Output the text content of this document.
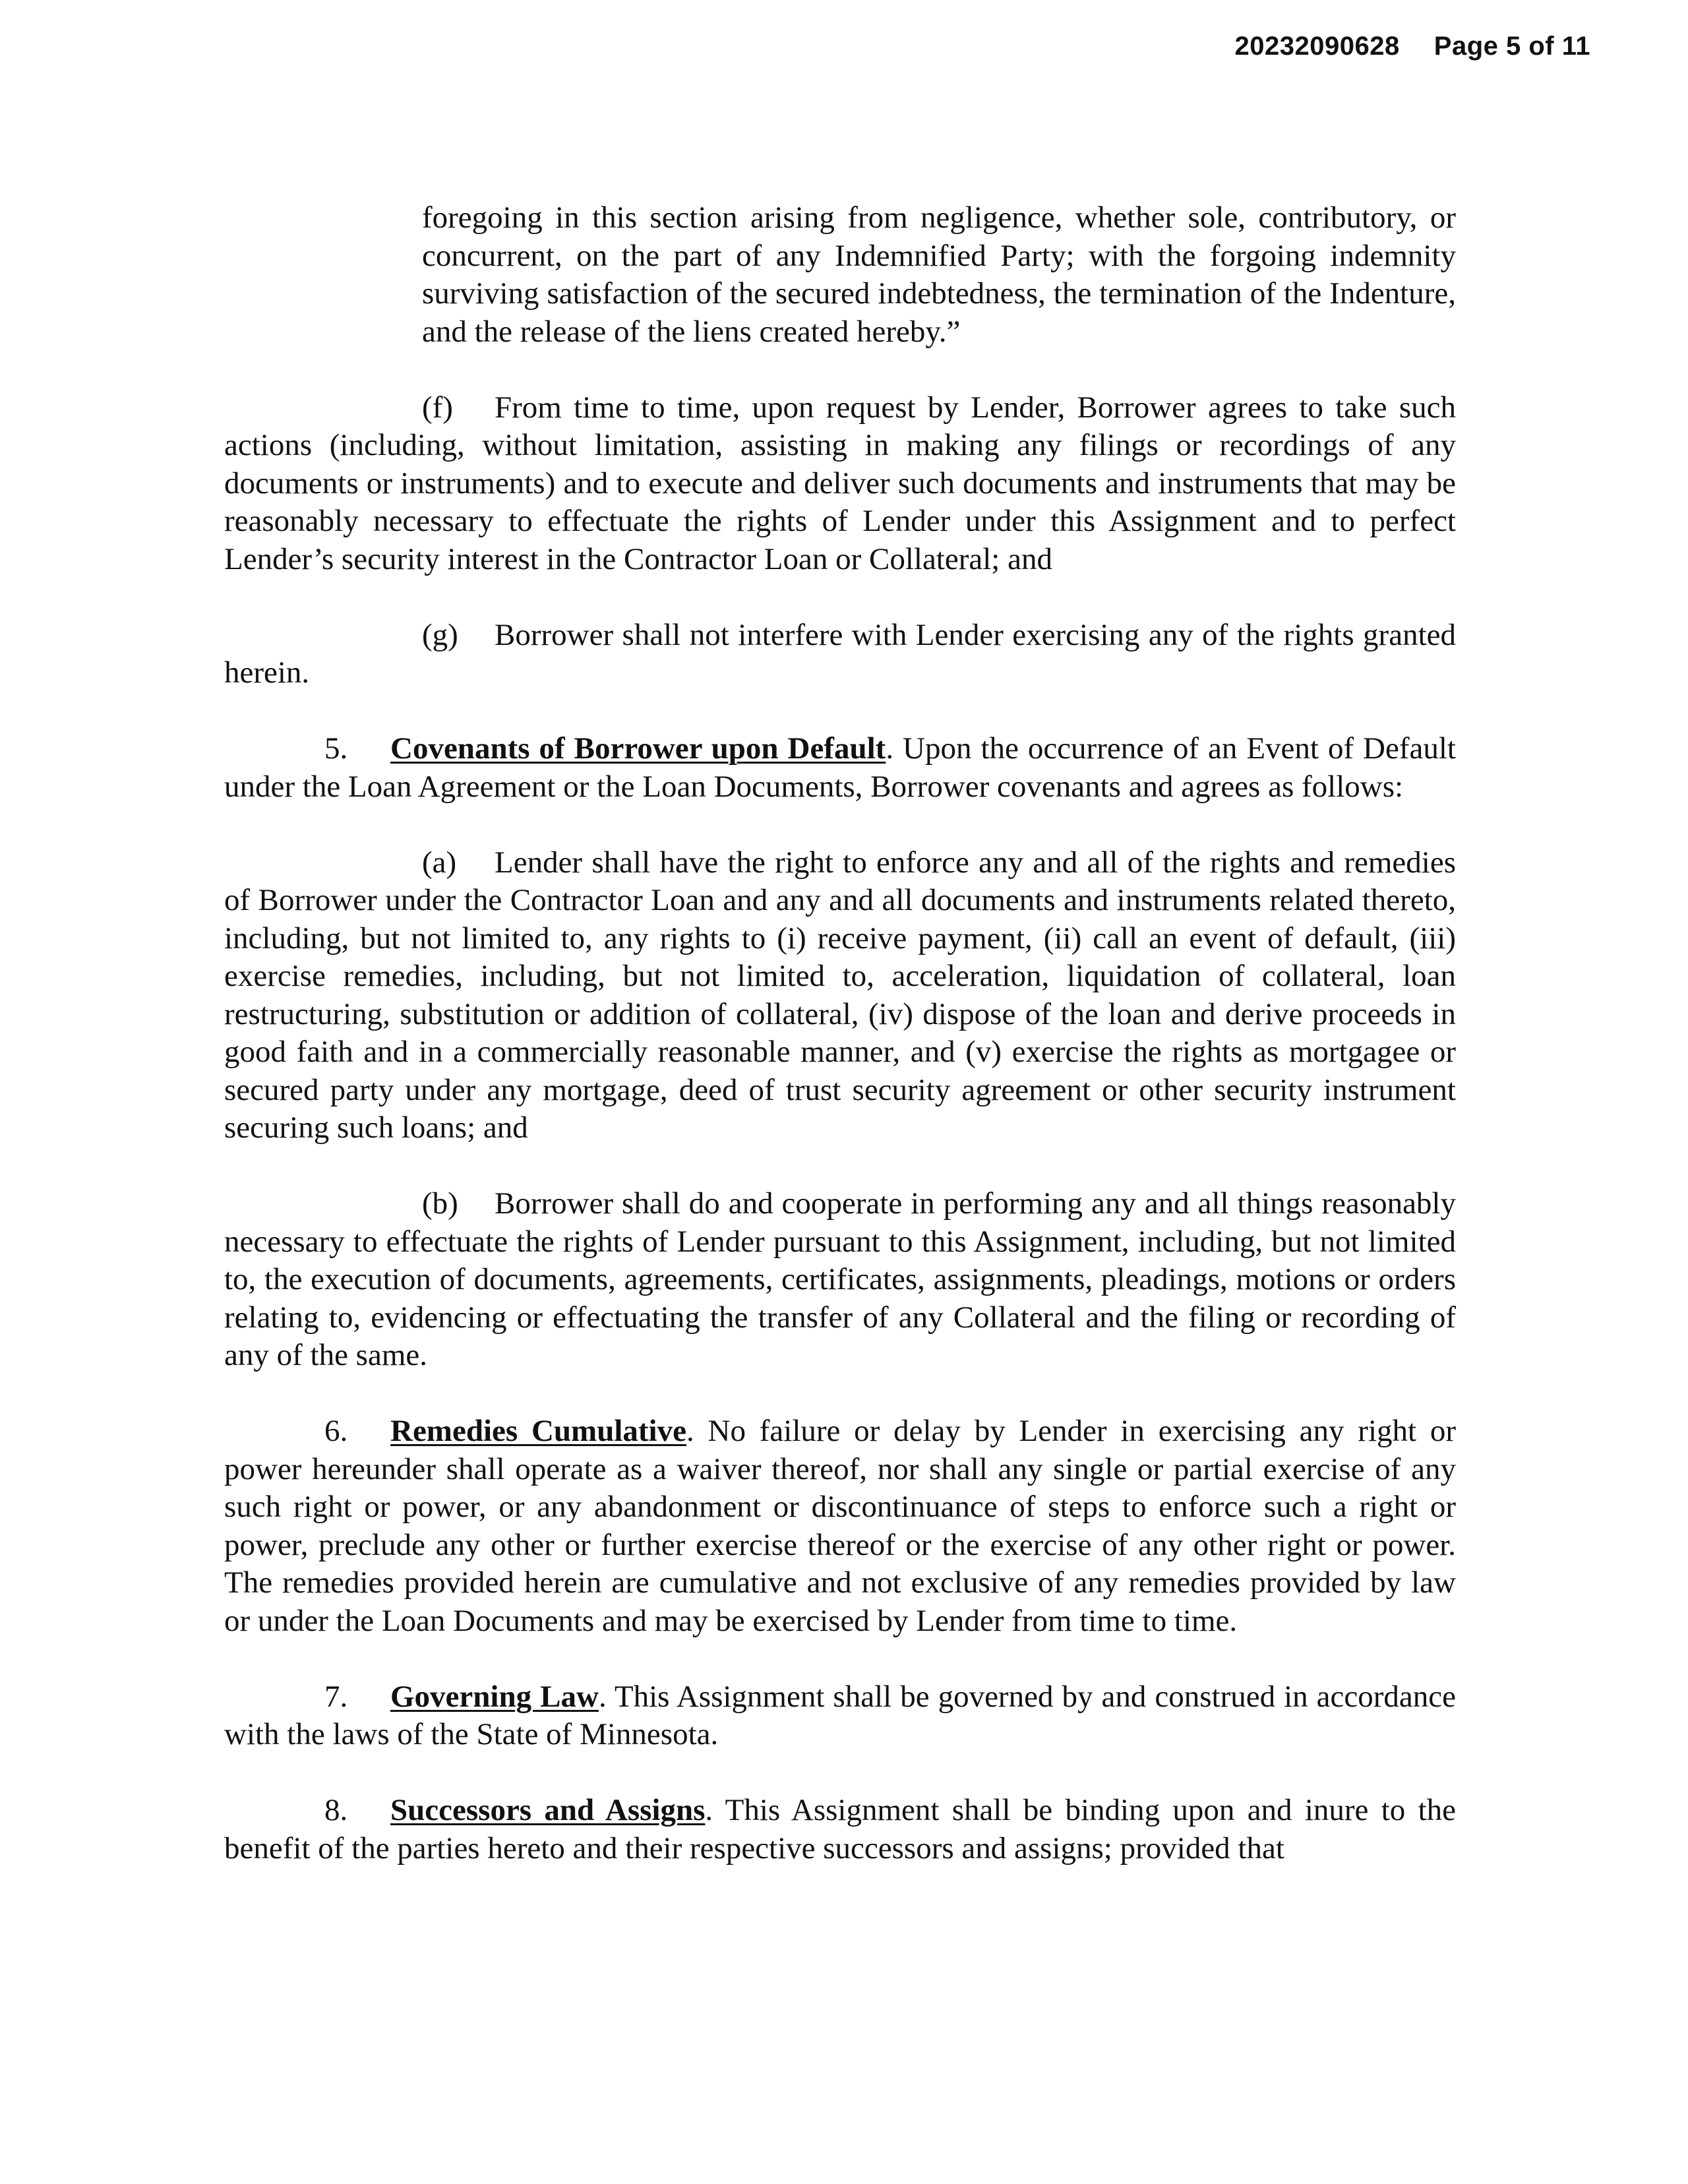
20232090628 Page 5 of 11

foregoing in this section arising from negligence, whether sole, contributory, or concurrent, on the part of any Indemnified Party; with the forgoing indemnity surviving satisfaction of the secured indebtedness, the termination of the Indenture, and the release of the liens created hereby.”

(f) From time to time, upon request by Lender, Borrower agrees to take such actions (including, without limitation, assisting in making any filings or recordings of any documents or instruments) and to execute and deliver such documents and instruments that may be reasonably necessary to effectuate the rights of Lender under this Assignment and to perfect Lender’s security interest in the Contractor Loan or Collateral; and

(g) Borrower shall not interfere with Lender exercising any of the rights granted herein.

5. Covenants of Borrower upon Default. Upon the occurrence of an Event of Default under the Loan Agreement or the Loan Documents, Borrower covenants and agrees as follows:

(a) Lender shall have the right to enforce any and all of the rights and remedies of Borrower under the Contractor Loan and any and all documents and instruments related thereto, including, but not limited to, any rights to (i) receive payment, (ii) call an event of default, (iii) exercise remedies, including, but not limited to, acceleration, liquidation of collateral, loan restructuring, substitution or addition of collateral, (iv) dispose of the loan and derive proceeds in good faith and in a commercially reasonable manner, and (v) exercise the rights as mortgagee or secured party under any mortgage, deed of trust security agreement or other security instrument securing such loans; and

(b) Borrower shall do and cooperate in performing any and all things reasonably necessary to effectuate the rights of Lender pursuant to this Assignment, including, but not limited to, the execution of documents, agreements, certificates, assignments, pleadings, motions or orders relating to, evidencing or effectuating the transfer of any Collateral and the filing or recording of any of the same.

6. Remedies Cumulative. No failure or delay by Lender in exercising any right or power hereunder shall operate as a waiver thereof, nor shall any single or partial exercise of any such right or power, or any abandonment or discontinuance of steps to enforce such a right or power, preclude any other or further exercise thereof or the exercise of any other right or power. The remedies provided herein are cumulative and not exclusive of any remedies provided by law or under the Loan Documents and may be exercised by Lender from time to time.

7. Governing Law. This Assignment shall be governed by and construed in accordance with the laws of the State of Minnesota.

8. Successors and Assigns. This Assignment shall be binding upon and inure to the benefit of the parties hereto and their respective successors and assigns; provided that
